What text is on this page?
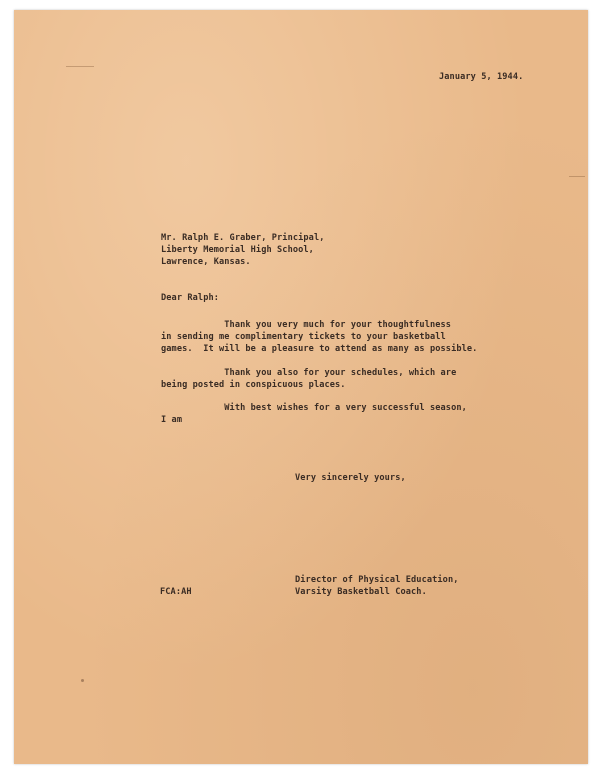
January 5, 1944.
Mr. Ralph E. Graber, Principal,
Liberty Memorial High School,
Lawrence, Kansas.
Dear Ralph:
Thank you very much for your thoughtfulness
in sending me complimentary tickets to your basketball
games.  It will be a pleasure to attend as many as possible.
Thank you also for your schedules, which are
being posted in conspicuous places.
With best wishes for a very successful season,
I am
Very sincerely yours,
FCA:AH
Director of Physical Education,
Varsity Basketball Coach.
